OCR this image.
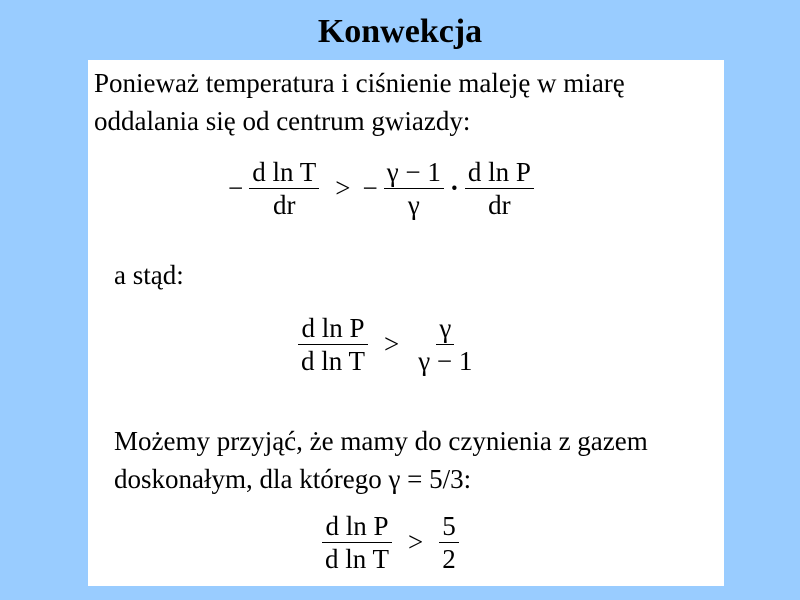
Konwekcja

Ponieważ temperatura i ciśnienie maleję w miarę oddalania się od centrum gwiazdy:

− $\frac{\text{d ln T}}{dr}$ > − $\frac{\gamma - 1}{\gamma} \cdot \frac{\text{d ln P}}{dr}$

a stąd:

$\frac{\text{d ln P}}{\text{d ln T}} > \frac{\gamma}{\gamma - 1}$

Możemy przyjąć, że mamy do czynienia z gazem doskonałym, dla którego γ = 5/3:

$\frac{\text{d ln P}}{\text{d ln T}} > \frac{5}{2}$
